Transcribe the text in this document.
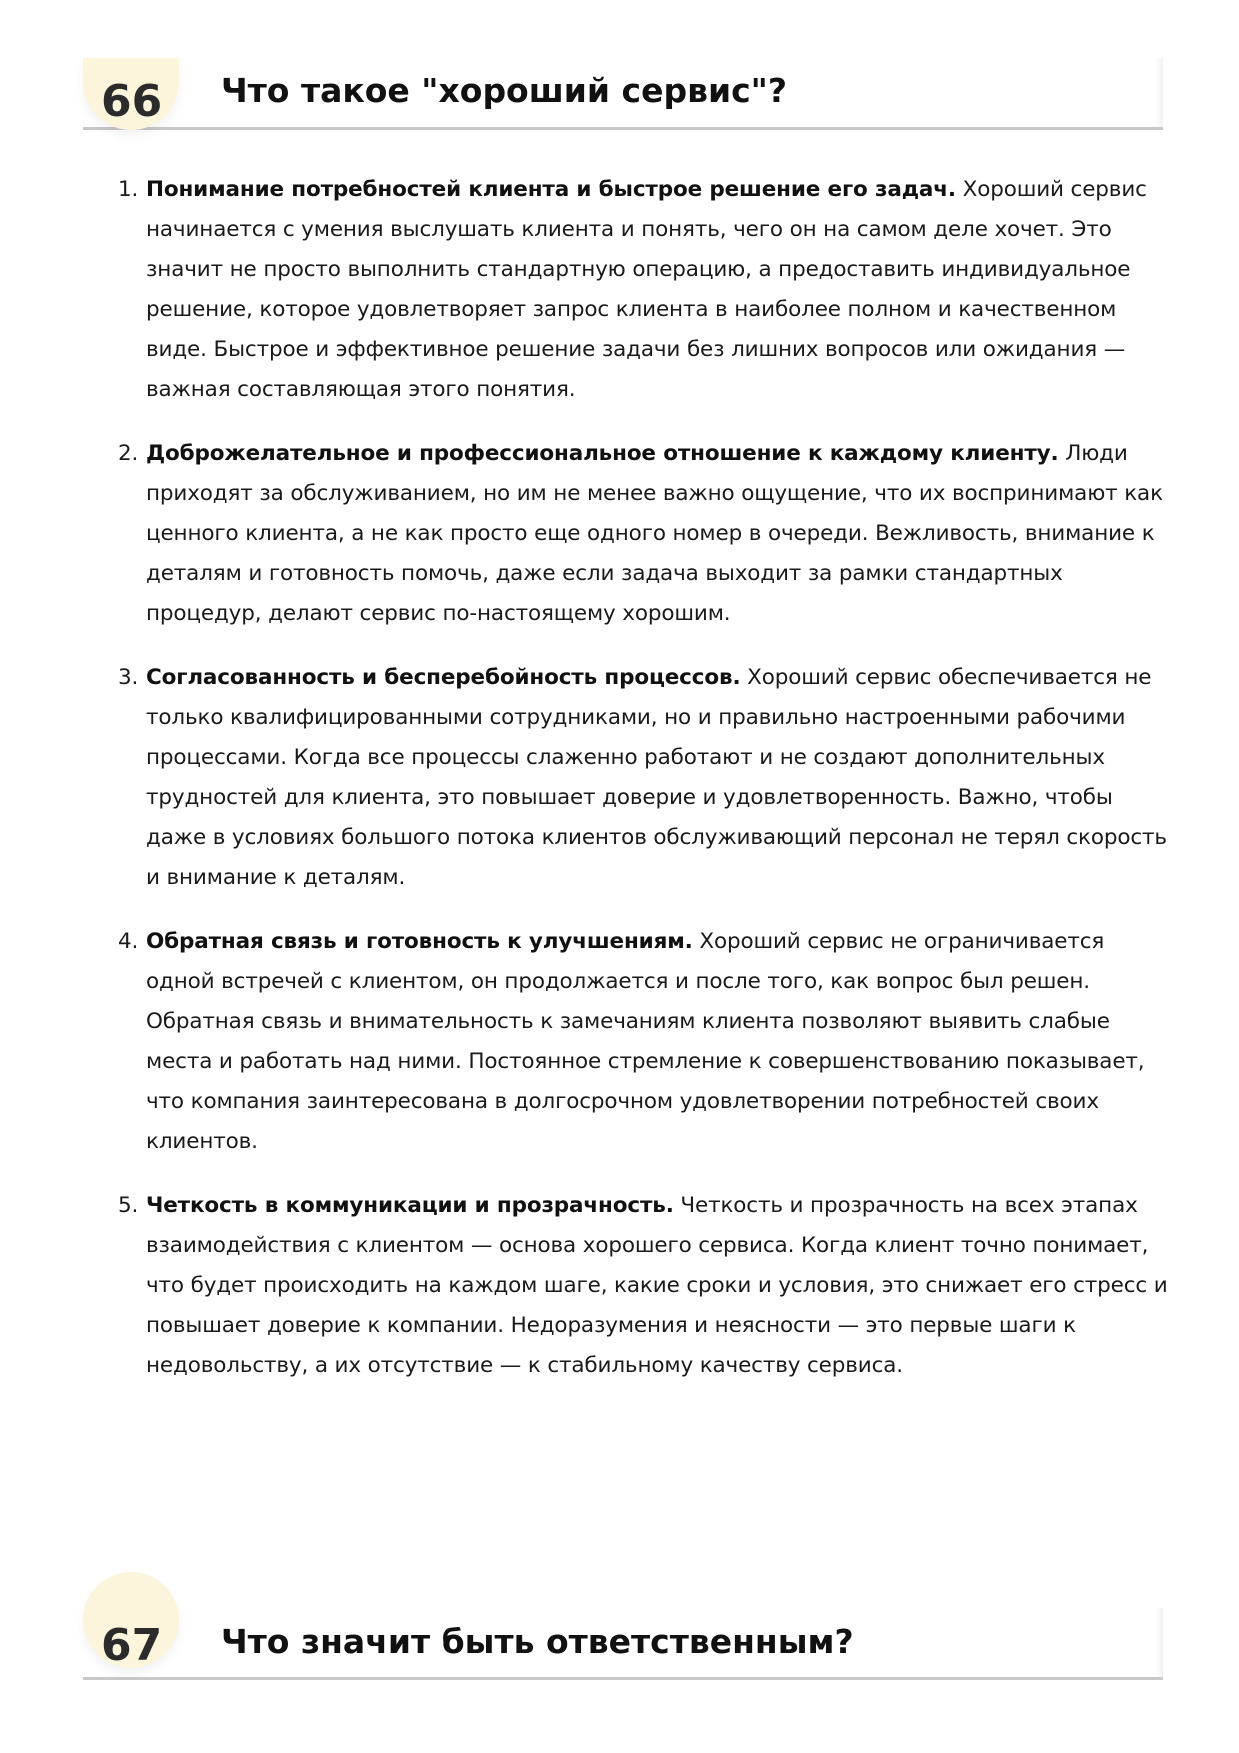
66 Что такое "хороший сервис"?
1. Понимание потребностей клиента и быстрое решение его задач. Хороший сервис начинается с умения выслушать клиента и понять, чего он на самом деле хочет. Это значит не просто выполнить стандартную операцию, а предоставить индивидуальное решение, которое удовлетворяет запрос клиента в наиболее полном и качественном виде. Быстрое и эффективное решение задачи без лишних вопросов или ожидания — важная составляющая этого понятия.
2. Доброжелательное и профессиональное отношение к каждому клиенту. Люди приходят за обслуживанием, но им не менее важно ощущение, что их воспринимают как ценного клиента, а не как просто еще одного номер в очереди. Вежливость, внимание к деталям и готовность помочь, даже если задача выходит за рамки стандартных процедур, делают сервис по-настоящему хорошим.
3. Согласованность и бесперебойность процессов. Хороший сервис обеспечивается не только квалифицированными сотрудниками, но и правильно настроенными рабочими процессами. Когда все процессы слаженно работают и не создают дополнительных трудностей для клиента, это повышает доверие и удовлетворенность. Важно, чтобы даже в условиях большого потока клиентов обслуживающий персонал не терял скорость и внимание к деталям.
4. Обратная связь и готовность к улучшениям. Хороший сервис не ограничивается одной встречей с клиентом, он продолжается и после того, как вопрос был решен. Обратная связь и внимательность к замечаниям клиента позволяют выявить слабые места и работать над ними. Постоянное стремление к совершенствованию показывает, что компания заинтересована в долгосрочном удовлетворении потребностей своих клиентов.
5. Четкость в коммуникации и прозрачность. Четкость и прозрачность на всех этапах взаимодействия с клиентом — основа хорошего сервиса. Когда клиент точно понимает, что будет происходить на каждом шаге, какие сроки и условия, это снижает его стресс и повышает доверие к компании. Недоразумения и неясности — это первые шаги к недовольству, а их отсутствие — к стабильному качеству сервиса.
67 Что значит быть ответственным?
